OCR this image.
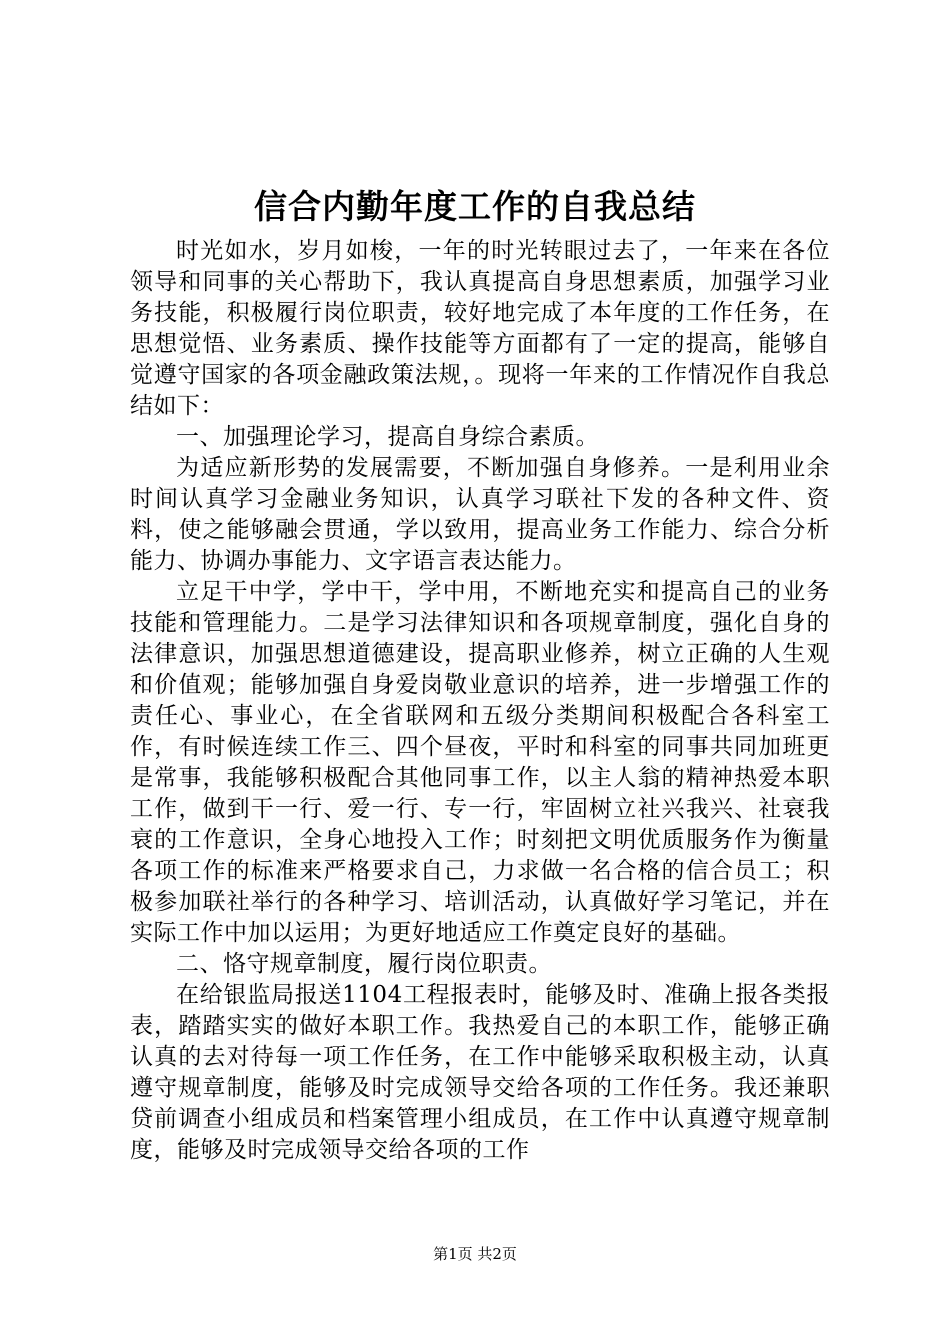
信合内勤年度工作的自我总结

时光如水，岁月如梭，一年的时光转眼过去了，一年来在各位领导和同事的关心帮助下，我认真提高自身思想素质，加强学习业务技能，积极履行岗位职责，较好地完成了本年度的工作任务，在思想觉悟、业务素质、操作技能等方面都有了一定的提高，能够自觉遵守国家的各项金融政策法规，。现将一年来的工作情况作自我总结如下：

一、加强理论学习，提高自身综合素质。

为适应新形势的发展需要，不断加强自身修养。一是利用业余时间认真学习金融业务知识，认真学习联社下发的各种文件、资料，使之能够融会贯通，学以致用，提高业务工作能力、综合分析能力、协调办事能力、文字语言表达能力。

立足干中学，学中干，学中用，不断地充实和提高自己的业务技能和管理能力。二是学习法律知识和各项规章制度，强化自身的法律意识，加强思想道德建设，提高职业修养，树立正确的人生观和价值观；能够加强自身爱岗敬业意识的培养，进一步增强工作的责任心、事业心，在全省联网和五级分类期间积极配合各科室工作，有时候连续工作三、四个昼夜，平时和科室的同事共同加班更是常事，我能够积极配合其他同事工作，以主人翁的精神热爱本职工作，做到干一行、爱一行、专一行，牢固树立社兴我兴、社衰我衰的工作意识，全身心地投入工作；时刻把文明优质服务作为衡量各项工作的标准来严格要求自己，力求做一名合格的信合员工；积极参加联社举行的各种学习、培训活动，认真做好学习笔记，并在实际工作中加以运用；为更好地适应工作奠定良好的基础。

二、恪守规章制度，履行岗位职责。

在给银监局报送1104工程报表时，能够及时、准确上报各类报表，踏踏实实的做好本职工作。我热爱自己的本职工作，能够正确认真的去对待每一项工作任务，在工作中能够采取积极主动，认真遵守规章制度，能够及时完成领导交给各项的工作任务。我还兼职贷前调查小组成员和档案管理小组成员，在工作中认真遵守规章制度，能够及时完成领导交给各项的工作

第1页 共2页
